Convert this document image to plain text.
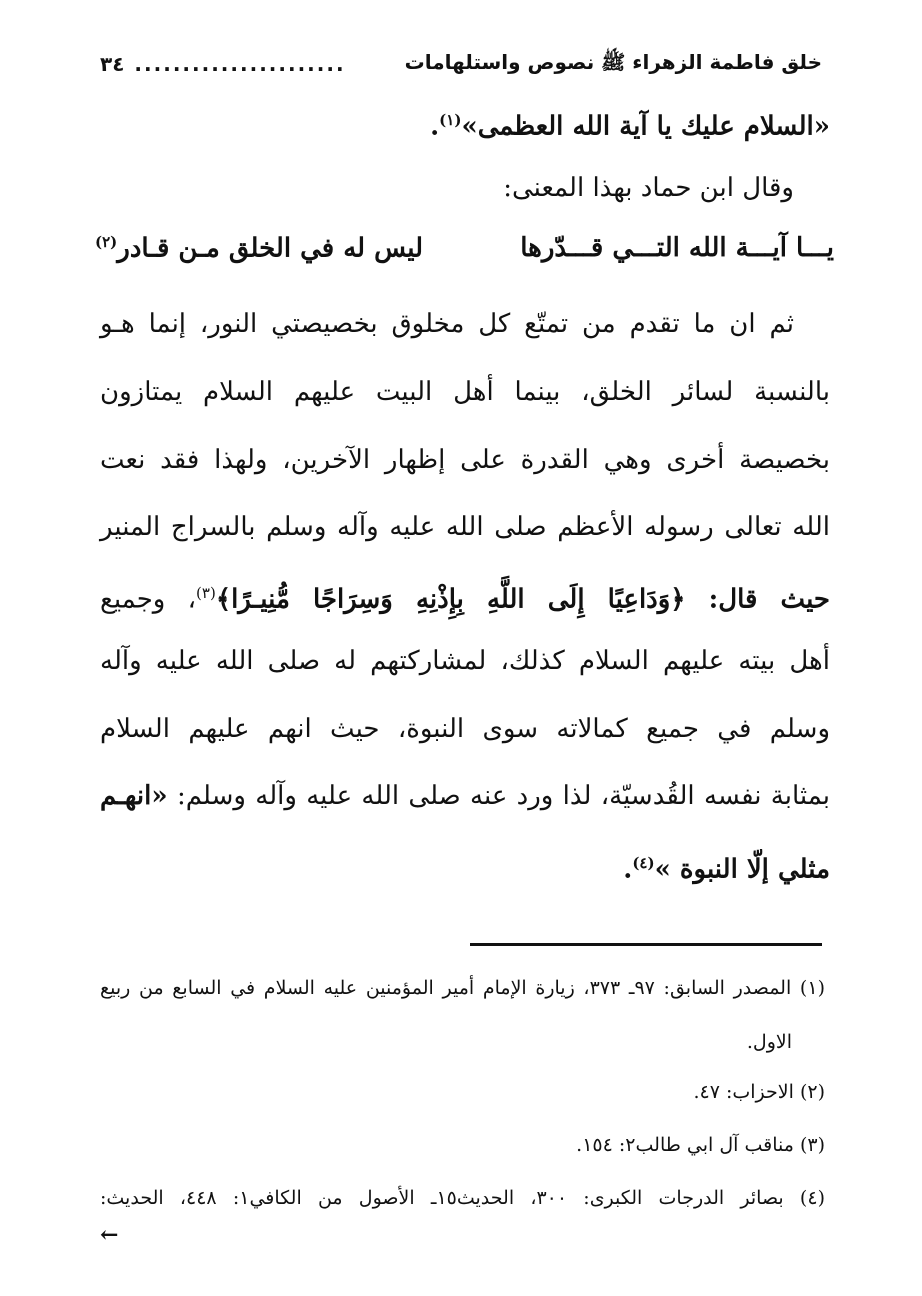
خلق فاطمة الزهراء ﷺ نصوص واستلهامات
......................
٣٤
«السلام عليك يا آية الله العظمى»$^{(١)}$.
وقال ابن حماد بهذا المعنى:
يـــا آيـــة الله التـــي قـــدّرها
ليس له في الخلق مـن قـادر$^{(٢)}$
ثم ان ما تقدم من تمتّع كل مخلوق بخصيصتي النور، إنما هـو
بالنسبة لسائر الخلق، بينما أهل البيت عليهم السلام يمتازون
بخصيصة أخرى وهي القدرة على إظهار الآخرين، ولهذا فقد نعت
الله تعالى رسوله الأعظم صلى الله عليه وآله وسلم بالسراج المنير
حيث قال: ﴿وَدَاعِيًا إِلَى اللَّهِ بِإِذْنِهِ وَسِرَاجًا مُّنِيـرًا﴾$^{(٣)}$، وجميع
أهل بيته عليهم السلام كذلك، لمشاركتهم له صلى الله عليه وآله
وسلم في جميع كمالاته سوى النبوة، حيث انهم عليهم السلام
بمثابة نفسه القُدسيّة، لذا ورد عنه صلى الله عليه وآله وسلم: «انهـم
مثلي إلّا النبوة »$^{(٤)}$.
(١) المصدر السابق: ٩٧ـ ٣٧٣، زيارة الإمام أمير المؤمنين عليه السلام في السابع من ربيع
الاول.
(٢) الاحزاب: ٤٧.
(٣) مناقب آل ابي طالب٢: ١٥٤.
(٤) بصائر الدرجات الكبرى: ٣٠٠، الحديث١٥ـ الأصول من الكافي١: ٤٤٨، الحديث:
←
